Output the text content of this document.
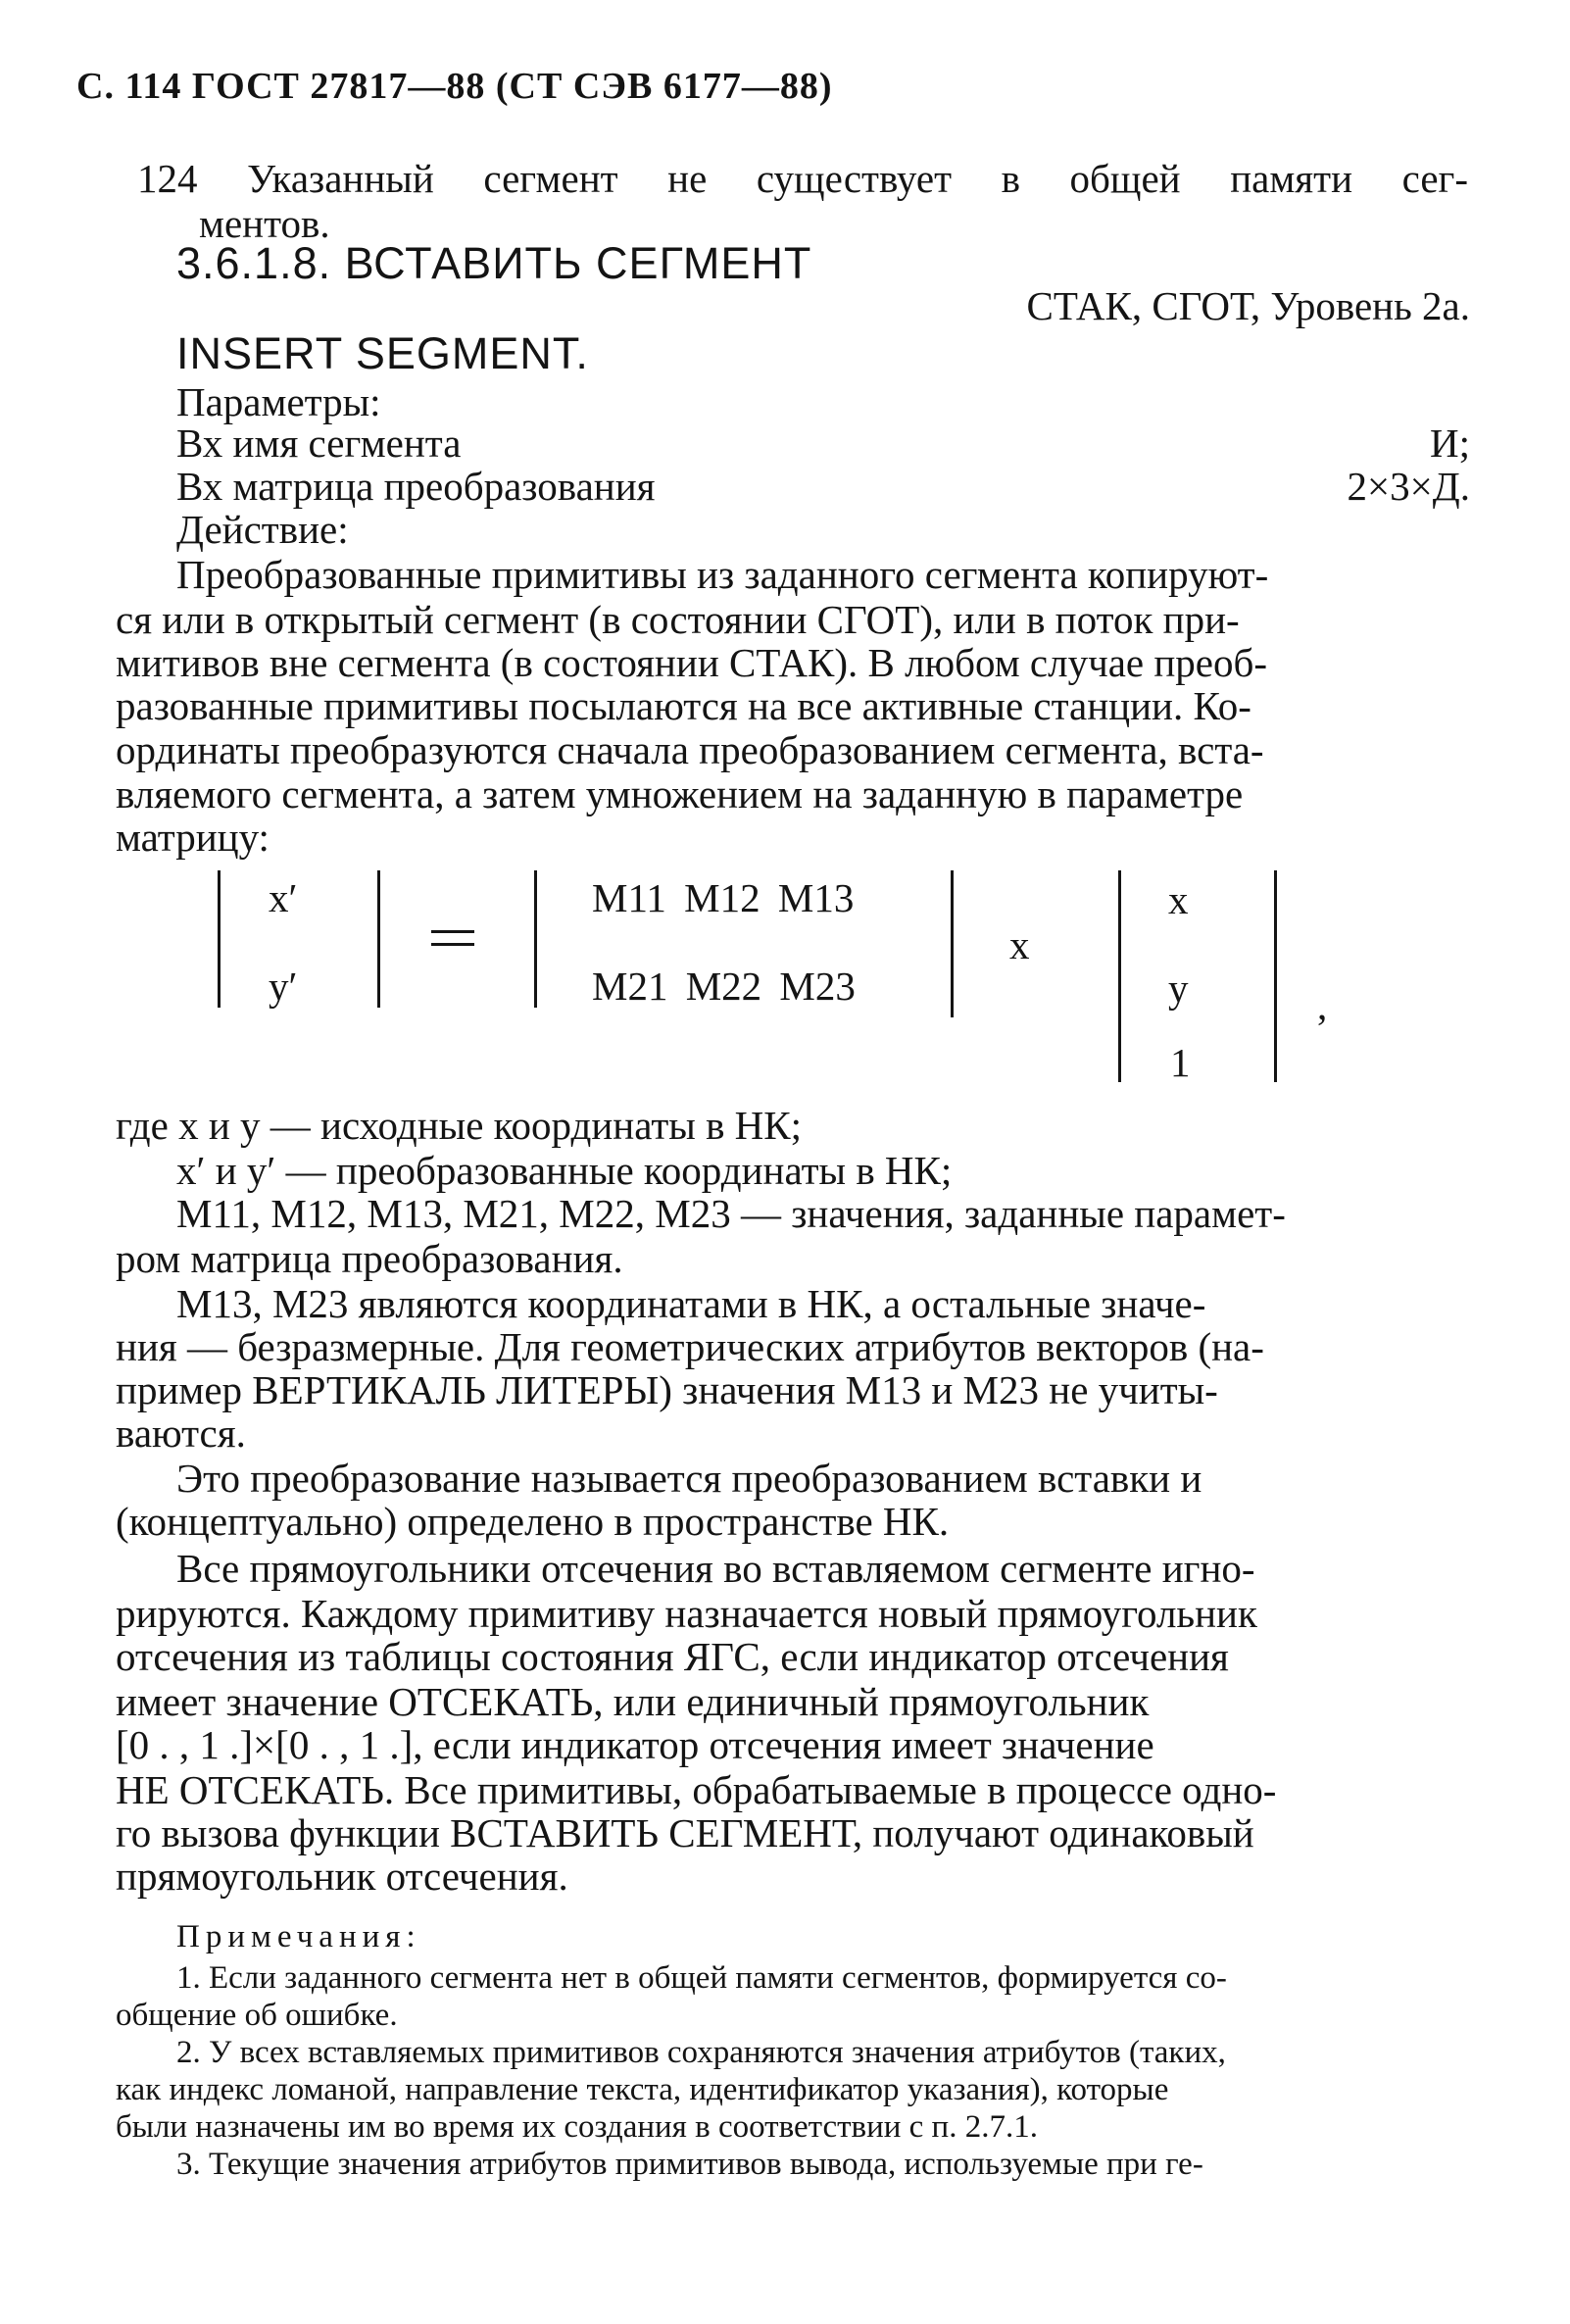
С. 114 ГОСТ 27817—88 (СТ СЭВ 6177—88)
124 Указанный сегмент не существует в общей памяти сег-
ментов.
3.6.1.8. ВСТАВИТЬ СЕГМЕНТ
СТАК, СГОТ, Уровень 2а.
INSERT SEGMENT.
Параметры:
Вх имя сегмента	И;
Вх матрица преобразования	2×3×Д.
Действие:
Преобразованные примитивы из заданного сегмента копируют-
ся или в открытый сегмент (в состоянии СГОТ), или в поток при-
митивов вне сегмента (в состоянии СТАК). В любом случае преоб-
разованные примитивы посылаются на все активные станции. Ко-
ординаты преобразуются сначала преобразованием сегмента, вста-
вляемого сегмента, а затем умножением на заданную в параметре
матрицу:
x′
y′
M11 M12 M13
M21 M22 M23
x
x
y
1
,
где x и y — исходные координаты в НК;
x′ и y′ — преобразованные координаты в НК;
M11, M12, M13, M21, M22, M23 — значения, заданные парамет-
ром матрица преобразования.
M13, M23 являются координатами в НК, а остальные значе-
ния — безразмерные. Для геометрических атрибутов векторов (на-
пример ВЕРТИКАЛЬ ЛИТЕРЫ) значения M13 и M23 не учиты-
ваются.
Это преобразование называется преобразованием вставки и
(концептуально) определено в пространстве НК.
Все прямоугольники отсечения во вставляемом сегменте игно-
рируются. Каждому примитиву назначается новый прямоугольник
отсечения из таблицы состояния ЯГС, если индикатор отсечения
имеет значение ОТСЕКАТЬ, или единичный прямоугольник
[0 . , 1 .]×[0 . , 1 .], если индикатор отсечения имеет значение
НЕ ОТСЕКАТЬ. Все примитивы, обрабатываемые в процессе одно-
го вызова функции ВСТАВИТЬ СЕГМЕНТ, получают одинаковый
прямоугольник отсечения.
Примечания:
1. Если заданного сегмента нет в общей памяти сегментов, формируется со-
общение об ошибке.
2. У всех вставляемых примитивов сохраняются значения атрибутов (таких,
как индекс ломаной, направление текста, идентификатор указания), которые
были назначены им во время их создания в соответствии с п. 2.7.1.
3. Текущие значения атрибутов примитивов вывода, используемые при ге-
